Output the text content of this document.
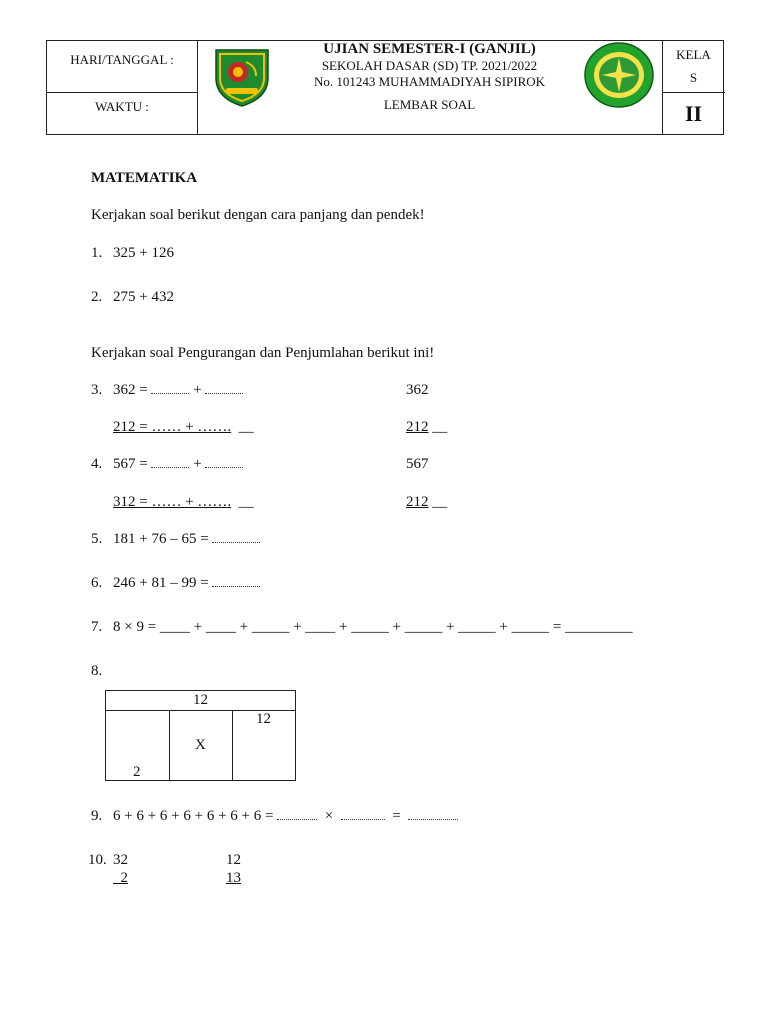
HARI/TANGGAL :
WAKTU :
UJIAN SEMESTER-I (GANJIL)
SEKOLAH DASAR (SD) TP. 2021/2022
No. 101243 MUHAMMADIYAH SIPIROK
LEMBAR SOAL
KELA
S
II
MATEMATIKA
Kerjakan soal berikut dengan cara panjang dan pendek!
1. 325 + 126
2. 275 + 432
Kerjakan soal Pengurangan dan Penjumlahan berikut ini!
3. 362 =	+	362
212 = …… + ……. __	212 __
4. 567 =	+	567
312 = …… + ……. __	212 __
5. 181 + 76 – 65 =
6. 246 + 81 – 99 =
7. 8 × 9 = ____ + ____ + _____ + ____ + _____ + _____ + _____ + _____ = _________
8.
12
12
X
2
9. 6 + 6 + 6 + 6 + 6 + 6 + 6 =	×	=
10. 32
2
12
13
